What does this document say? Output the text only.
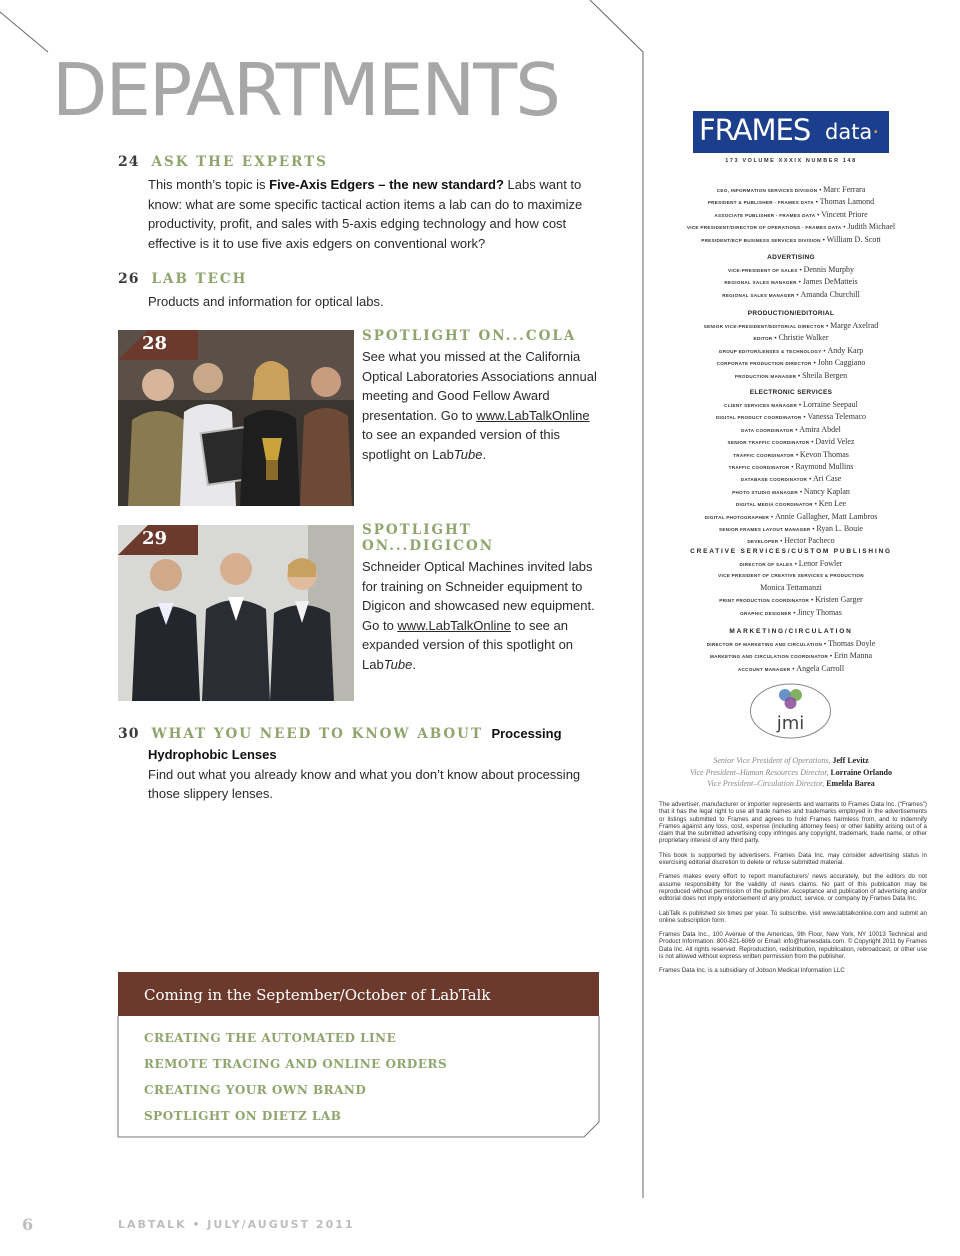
DEPARTMENTS
24 ASK THE EXPERTS
This month’s topic is Five-Axis Edgers – the new standard? Labs want to know: what are some specific tactical action items a lab can do to maximize productivity, profit, and sales with 5-axis edging technology and how cost effective is it to use five axis edgers on conventional work?
26 LAB TECH
Products and information for optical labs.
28	SPOTLIGHT ON...COLA
See what you missed at the California Optical Laboratories Associations annual meeting and Good Fellow Award presentation. Go to www.LabTalkOnline to see an expanded version of this spotlight on LabTube.
29	SPOTLIGHT ON...DIGICON
Schneider Optical Machines invited labs for training on Schneider equipment to Digicon and showcased new equipment. Go to www.LabTalkOnline to see an expanded version of this spotlight on LabTube.
30 WHAT YOU NEED TO KNOW ABOUT Processing
Hydrophobic Lenses
Find out what you already know and what you don’t know about processing those slippery lenses.
Coming in the September/October of LabTalk
CREATING THE AUTOMATED LINE
REMOTE TRACING AND ONLINE ORDERS
CREATING YOUR OWN BRAND
SPOTLIGHT ON DIETZ LAB
6	LABTALK • JULY/AUGUST 2011
FRAMES data·
173 VOLUME XXXIX NUMBER 148
CEO, INFORMATION SERVICES DIVISION • Marc Ferrara
PRESIDENT & PUBLISHER - FRAMES DATA • Thomas Lamond
ASSOCIATE PUBLISHER - FRAMES DATA • Vincent Priore
VICE PRESIDENT/DIRECTOR OF OPERATIONS - FRAMES DATA • Judith Michael
PRESIDENT/ECP BUSINESS SERVICES DIVISION • William D. Scott
ADVERTISING
VICE-PRESIDENT OF SALES • Dennis Murphy
REGIONAL SALES MANAGER • James DeMatteis
REGIONAL SALES MANAGER • Amanda Churchill
PRODUCTION/EDITORIAL
SENIOR VICE-PRESIDENT/EDITORIAL DIRECTOR • Marge Axelrad
EDITOR • Christie Walker
GROUP EDITOR/LENSES & TECHNOLOGY • Andy Karp
CORPORATE PRODUCTION DIRECTOR • John Caggiano
PRODUCTION MANAGER • Sheila Bergen
ELECTRONIC SERVICES
CLIENT SERVICES MANAGER • Lorraine Seepaul
DIGITAL PRODUCT COORDINATOR • Vanessa Telemaco
DATA COORDINATOR • Amira Abdel
SENIOR TRAFFIC COORDINATOR • David Velez
TRAFFIC COORDINATOR • Kevon Thomas
TRAFFIC COORDINATOR • Raymond Mullins
DATABASE COORDINATOR • Ari Case
PHOTO STUDIO MANAGER • Nancy Kaplan
DIGITAL MEDIA COORDINATOR • Ken Lee
DIGITAL PHOTOGRAPHER • Annie Gallagher, Matt Lambros
SENIOR FRAMES LAYOUT MANAGER • Ryan L. Bouie
DEVELOPER • Hector Pacheco
CREATIVE SERVICES/CUSTOM PUBLISHING
DIRECTOR OF SALES • Lenor Fowler
VICE PRESIDENT OF CREATIVE SERVICES & PRODUCTION
Monica Tettamanzi
PRINT PRODUCTION COORDINATOR • Kristen Garger
GRAPHIC DESIGNER • Jincy Thomas
MARKETING/CIRCULATION
DIRECTOR OF MARKETING AND CIRCULATION • Thomas Doyle
MARKETING AND CIRCULATION COORDINATOR • Erin Manna
ACCOUNT MANAGER • Angela Carroll
jmi
Senior Vice President of Operations, Jeff Levitz
Vice President–Human Resources Director, Lorraine Orlando
Vice President–Circulation Director, Emelda Barea

The advertiser, manufacturer or importer represents and warrants to Frames Data Inc. (“Frames”) that it has the legal right to use all trade names and trademarks employed in the advertisements or listings submitted to Frames and agrees to hold Frames harmless from, and to indemnify Frames against any loss, cost, expense (including attorney fees) or other liability arising out of a claim that the submitted advertising copy infringes any copyright, trademark, trade name, or other proprietary interest of any third party.

This book is supported by advertisers. Frames Data Inc. may consider advertising status in exercising editorial discretion to delete or refuse submitted material.

Frames makes every effort to report manufacturers’ news accurately, but the editors do not assume responsibility for the validity of news claims. No part of this publication may be reproduced without permission of the publisher. Acceptance and publication of advertising and/or editorial does not imply endorsement of any product, service, or company by Frames Data Inc.

LabTalk is published six times per year. To subscribe, visit www.labtalkonline.com and submit an online subscription form.

Frames Data Inc., 100 Avenue of the Americas, 9th Floor, New York, NY 10013 Technical and Product Information: 800-821-6069 or Email: info@framesdata.com. © Copyright 2011 by Frames Data Inc. All rights reserved. Reproduction, redistribution, republication, rebroadcast, or other use is not allowed without express written permission from the publisher.

Frames Data Inc. is a subsidiary of Jobson Medical Information LLC
